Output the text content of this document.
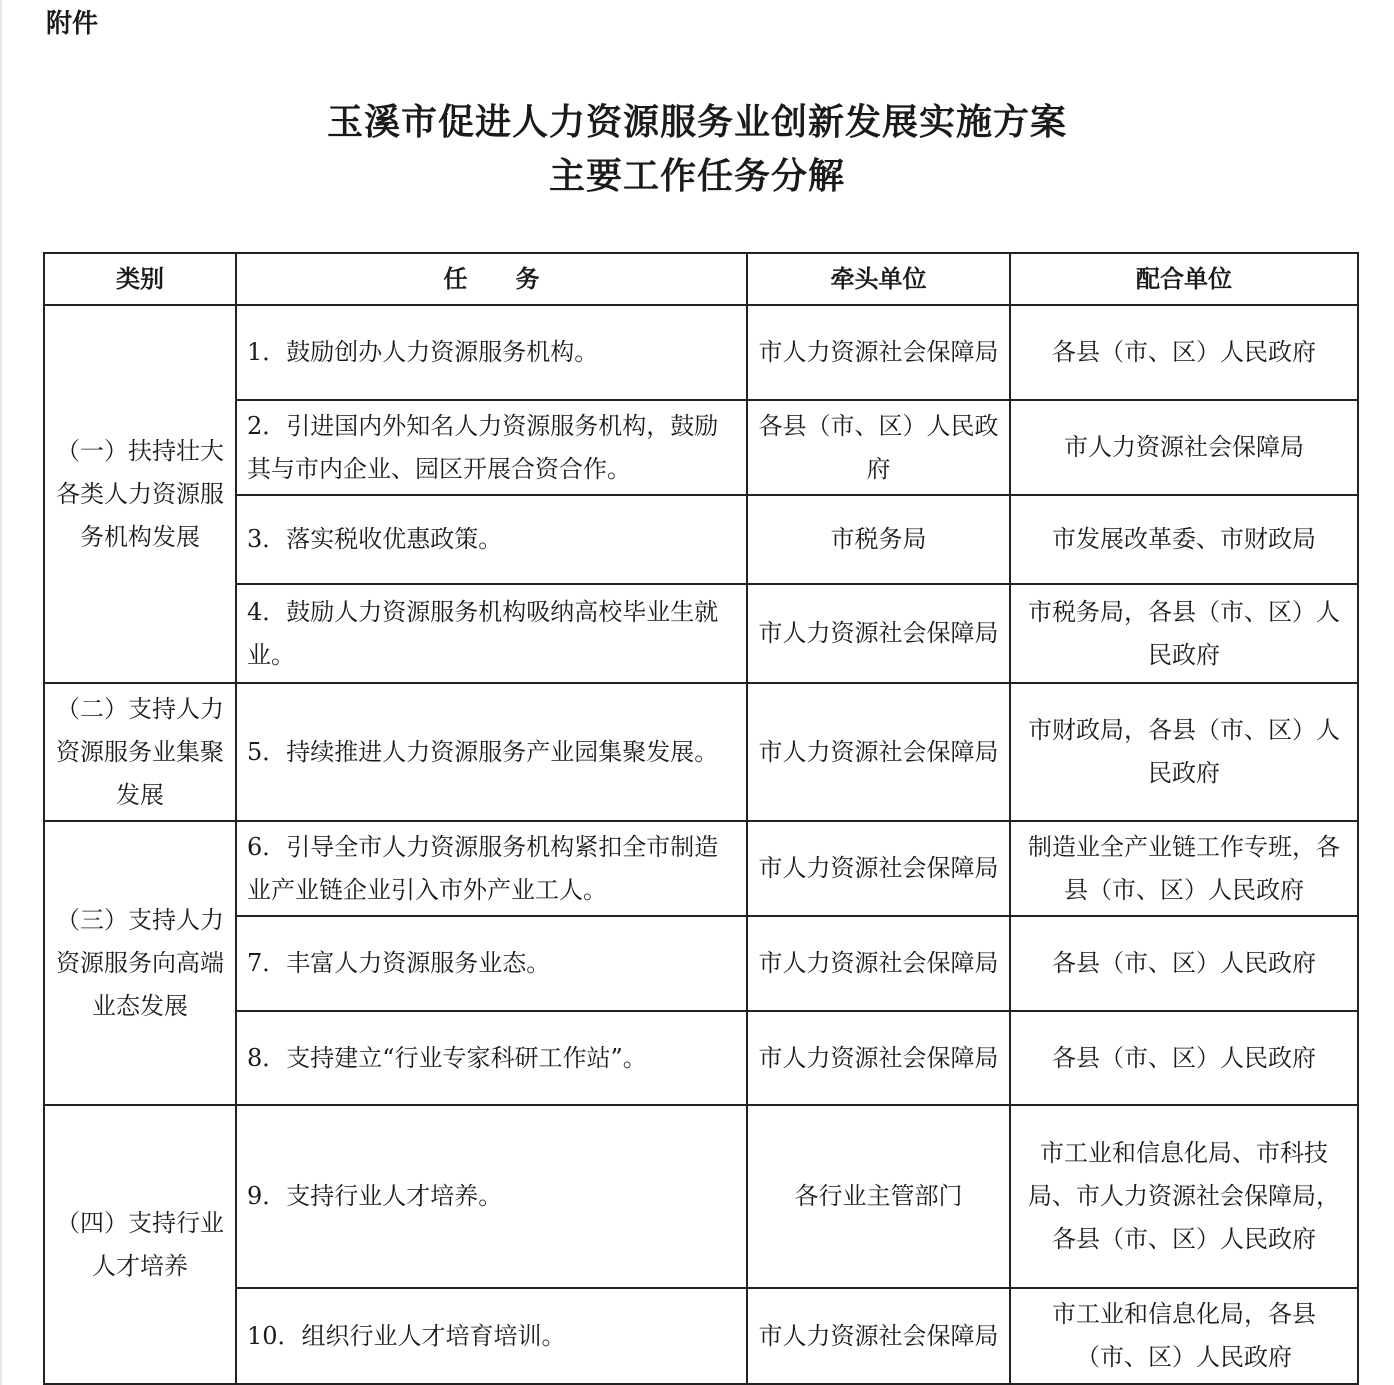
附件
玉溪市促进人力资源服务业创新发展实施方案
主要工作任务分解
类别	任　　务	牵头单位	配合单位
（一）扶持壮大各类人力资源服务机构发展	1．鼓励创办人力资源服务机构。	市人力资源社会保障局	各县（市、区）人民政府
	2．引进国内外知名人力资源服务机构，鼓励其与市内企业、园区开展合资合作。	各县（市、区）人民政府	市人力资源社会保障局
	3．落实税收优惠政策。	市税务局	市发展改革委、市财政局
	4．鼓励人力资源服务机构吸纳高校毕业生就业。	市人力资源社会保障局	市税务局，各县（市、区）人民政府
（二）支持人力资源服务业集聚发展	5．持续推进人力资源服务产业园集聚发展。	市人力资源社会保障局	市财政局，各县（市、区）人民政府
（三）支持人力资源服务向高端业态发展	6．引导全市人力资源服务机构紧扣全市制造业产业链企业引入市外产业工人。	市人力资源社会保障局	制造业全产业链工作专班，各县（市、区）人民政府
	7．丰富人力资源服务业态。	市人力资源社会保障局	各县（市、区）人民政府
	8．支持建立“行业专家科研工作站”。	市人力资源社会保障局	各县（市、区）人民政府
（四）支持行业人才培养	9．支持行业人才培养。	各行业主管部门	市工业和信息化局、市科技局、市人力资源社会保障局，各县（市、区）人民政府
	10．组织行业人才培育培训。	市人力资源社会保障局	市工业和信息化局，各县（市、区）人民政府
